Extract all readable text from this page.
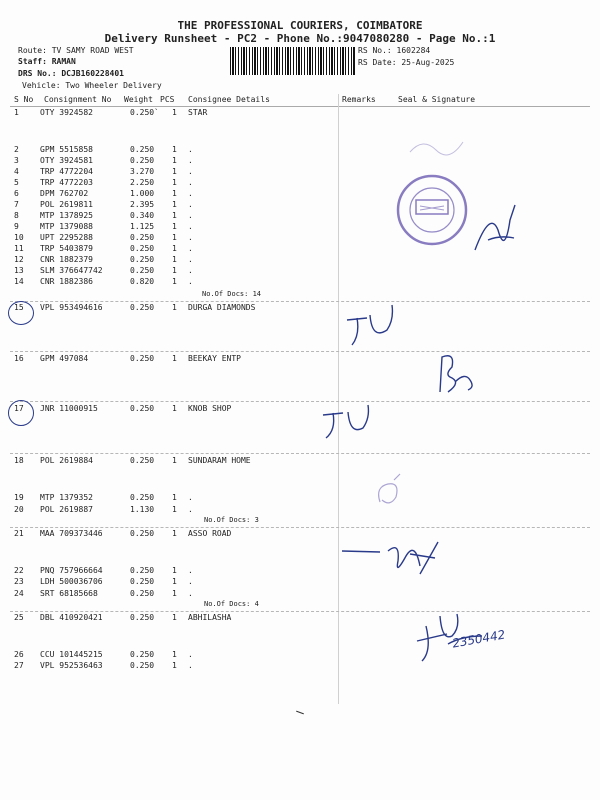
THE PROFESSIONAL COURIERS, COIMBATORE
Delivery Runsheet - PC2 - Phone No.:9047080280 - Page No.:1
Route: TV SAMY ROAD WEST
Staff: RAMAN
DRS No.: DCJB160228401
Vehicle: Two Wheeler Delivery
RS No.: 1602284
RS Date: 25-Aug-2025
S No Consignment No Weight PCS Consignee Details	Remarks	Seal & Signature
1	OTY 3924582	0.250` 1 STAR
2	GPM 5515858	0.250 1 .
3	OTY 3924581	0.250 1 .
4	TRP 4772204	3.270 1 .
5	TRP 4772203	2.250 1 .
6	DPM 762702	1.000 1 .
7	POL 2619811	2.395 1 .
8	MTP 1378925	0.340 1 .
9	MTP 1379088	1.125 1 .
10 UPT 2295288	0.250 1 .
11 TRP 5403879	0.250 1 .
12 CNR 1882379	0.250 1 .
13 SLM 376647742	0.250 1 .
14 CNR 1882386	0.820 1 .
15 VPL 953494616	0.250 1 DURGA DIAMONDS
16 GPM 497084	0.250 1 BEEKAY ENTP
17 JNR 11000915	0.250 1 KNOB SHOP
18 POL 2619884	0.250 1 SUNDARAM HOME
19 MTP 1379352	0.250 1 .
20 POL 2619887	1.130 1 .
21 MAA 709373446	0.250 1 ASSO ROAD
22 PNQ 757966664	0.250 1 .
23 LDH 500036706	0.250 1 .
24 SRT 68185668	0.250 1 .
25 DBL 410920421	0.250 1 ABHILASHA
26 CCU 101445215	0.250 1 .
27 VPL 952536463	0.250 1 .
No.Of Docs: 14
No.Of Docs: 3
No.Of Docs: 4
2350442
